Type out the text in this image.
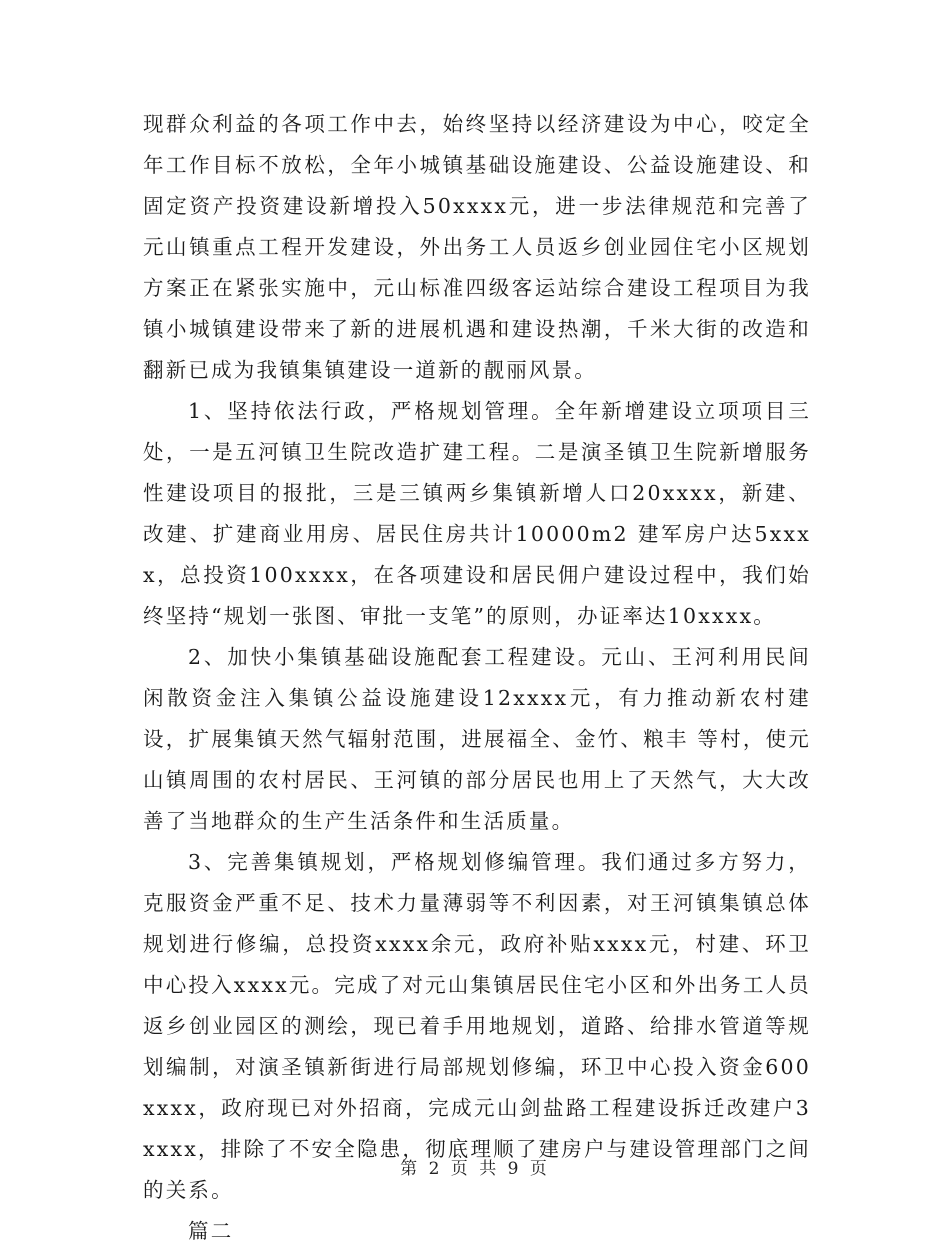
现群众利益的各项工作中去，始终坚持以经济建设为中心，咬定全年工作目标不放松，全年小城镇基础设施建设、公益设施建设、和固定资产投资建设新增投入50xxxx元，进一步法律规范和完善了元山镇重点工程开发建设，外出务工人员返乡创业园住宅小区规划方案正在紧张实施中，元山标准四级客运站综合建设工程项目为我镇小城镇建设带来了新的进展机遇和建设热潮，千米大街的改造和翻新已成为我镇集镇建设一道新的靓丽风景。

1、坚持依法行政，严格规划管理。全年新增建设立项项目三处，一是五河镇卫生院改造扩建工程。二是演圣镇卫生院新增服务性建设项目的报批，三是三镇两乡集镇新增人口20xxxx，新建、改建、扩建商业用房、居民住房共计10000m2 建军房户达5xxxx，总投资100xxxx，在各项建设和居民佣户建设过程中，我们始终坚持“规划一张图、审批一支笔”的原则，办证率达10xxxx。

2、加快小集镇基础设施配套工程建设。元山、王河利用民间闲散资金注入集镇公益设施建设12xxxx元，有力推动新农村建设，扩展集镇天然气辐射范围，进展福全、金竹、粮丰 等村，使元山镇周围的农村居民、王河镇的部分居民也用上了天然气，大大改善了当地群众的生产生活条件和生活质量。

3、完善集镇规划，严格规划修编管理。我们通过多方努力，克服资金严重不足、技术力量薄弱等不利因素，对王河镇集镇总体规划进行修编，总投资xxxx余元，政府补贴xxxx元，村建、环卫中心投入xxxx元。完成了对元山集镇居民住宅小区和外出务工人员返乡创业园区的测绘，现已着手用地规划，道路、给排水管道等规划编制，对演圣镇新街进行局部规划修编，环卫中心投入资金600xxxx，政府现已对外招商，完成元山剑盐路工程建设拆迁改建户3xxxx，排除了不安全隐患，彻底理顺了建房户与建设管理部门之间的关系。

篇二

第 2 页 共 9 页
